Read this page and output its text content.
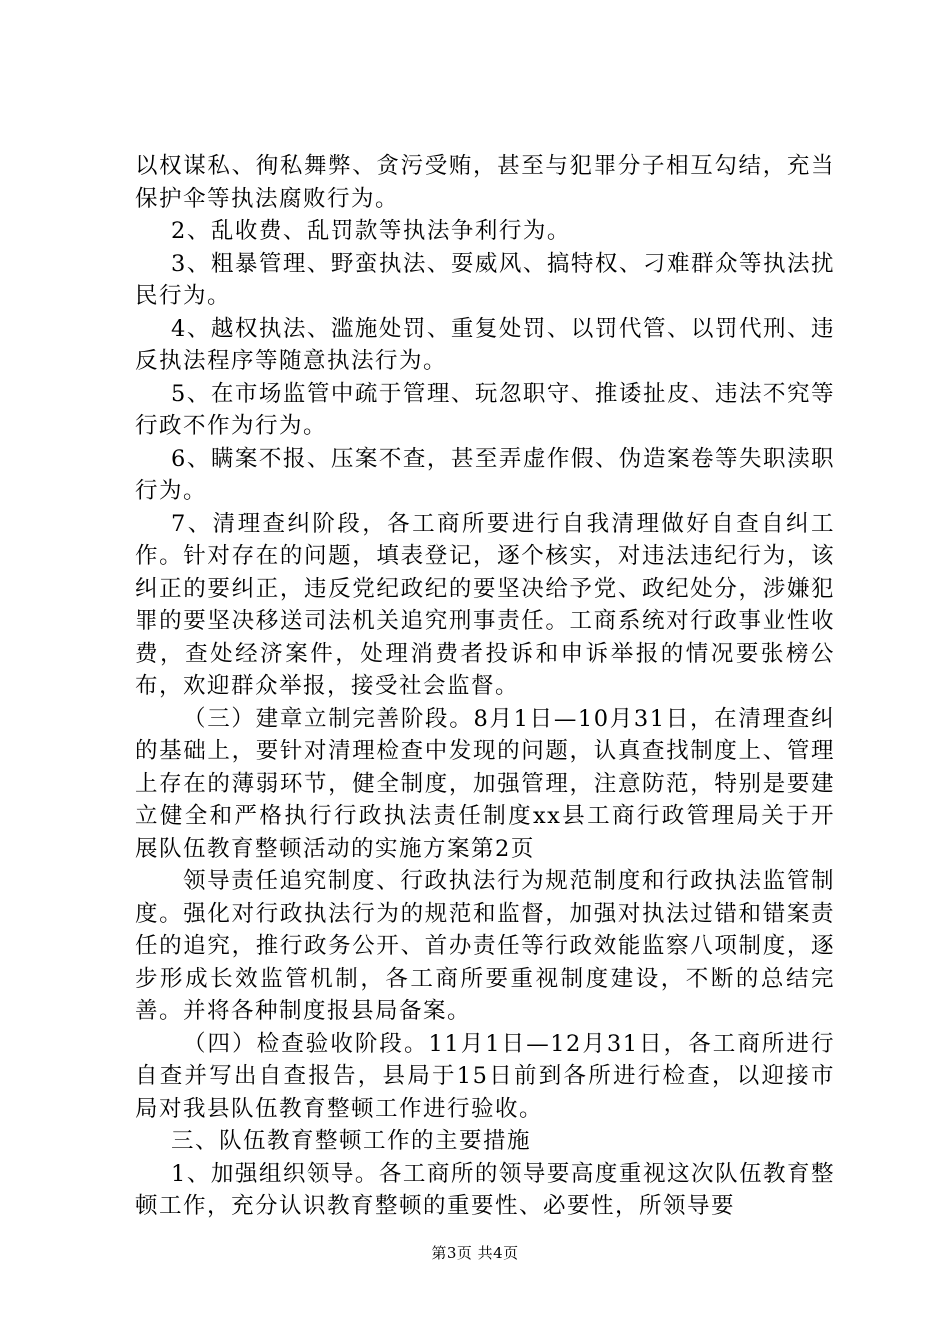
以权谋私、徇私舞弊、贪污受贿，甚至与犯罪分子相互勾结，充当保护伞等执法腐败行为。

2、乱收费、乱罚款等执法争利行为。

3、粗暴管理、野蛮执法、耍威风、搞特权、刁难群众等执法扰民行为。

4、越权执法、滥施处罚、重复处罚、以罚代管、以罚代刑、违反执法程序等随意执法行为。

5、在市场监管中疏于管理、玩忽职守、推诿扯皮、违法不究等行政不作为行为。

6、瞒案不报、压案不查，甚至弄虚作假、伪造案卷等失职渎职行为。

7、清理查纠阶段，各工商所要进行自我清理做好自查自纠工作。针对存在的问题，填表登记，逐个核实，对违法违纪行为，该纠正的要纠正，违反党纪政纪的要坚决给予党、政纪处分，涉嫌犯罪的要坚决移送司法机关追究刑事责任。工商系统对行政事业性收费，查处经济案件，处理消费者投诉和申诉举报的情况要张榜公布，欢迎群众举报，接受社会监督。

（三）建章立制完善阶段。8月1日—10月31日，在清理查纠的基础上，要针对清理检查中发现的问题，认真查找制度上、管理上存在的薄弱环节，健全制度，加强管理，注意防范，特别是要建立健全和严格执行行政执法责任制度xx县工商行政管理局关于开展队伍教育整顿活动的实施方案第2页

领导责任追究制度、行政执法行为规范制度和行政执法监管制度。强化对行政执法行为的规范和监督，加强对执法过错和错案责任的追究，推行政务公开、首办责任等行政效能监察八项制度，逐步形成长效监管机制，各工商所要重视制度建设，不断的总结完善。并将各种制度报县局备案。

（四）检查验收阶段。11月1日—12月31日，各工商所进行自查并写出自查报告，县局于15日前到各所进行检查，以迎接市局对我县队伍教育整顿工作进行验收。

三、队伍教育整顿工作的主要措施

1、加强组织领导。各工商所的领导要高度重视这次队伍教育整顿工作，充分认识教育整顿的重要性、必要性，所领导要

第3页 共4页
